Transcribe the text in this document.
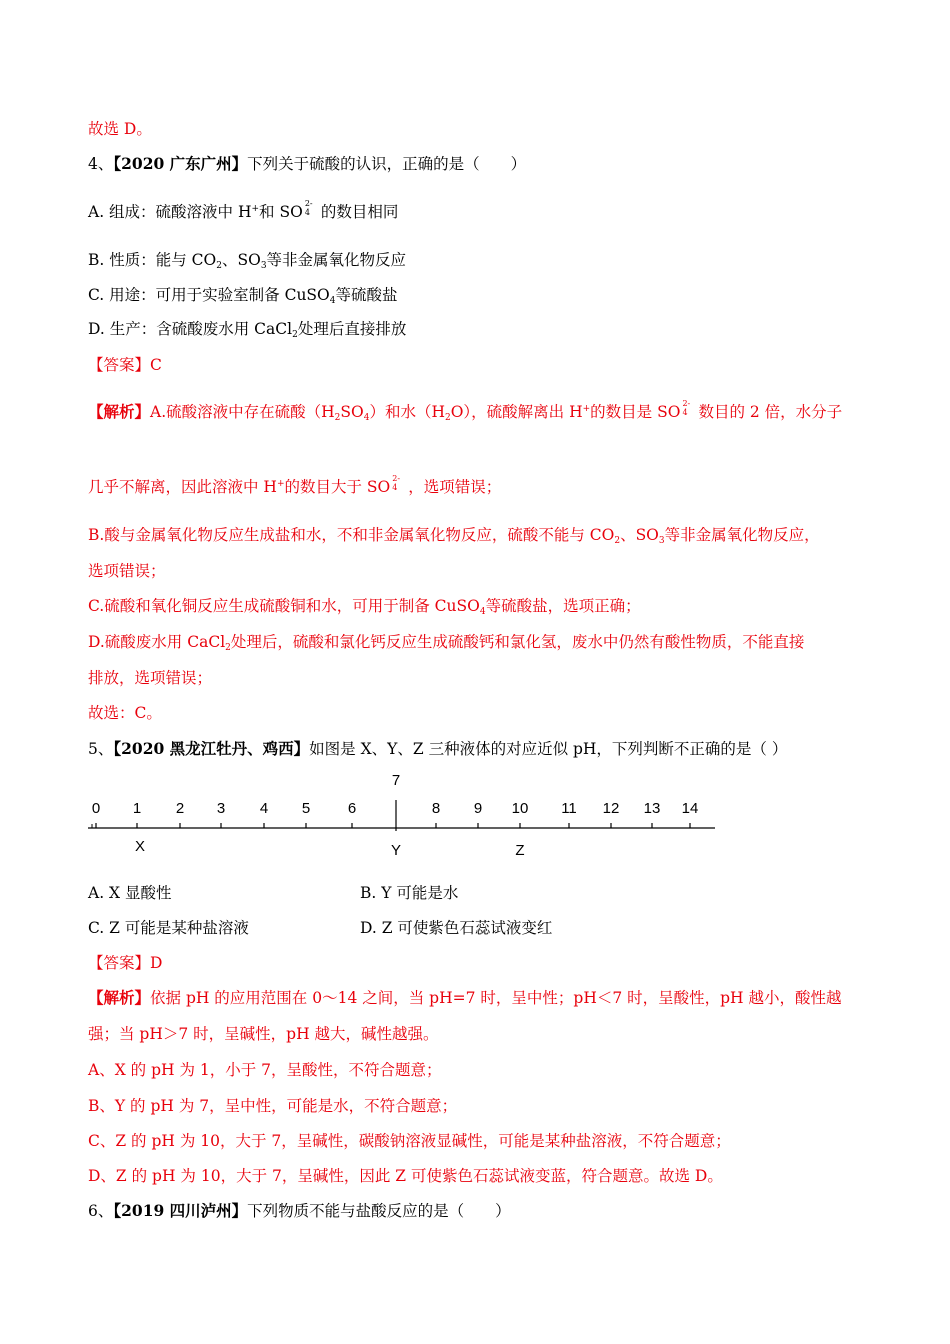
故选 D。
4、【2020 广东广州】下列关于硫酸的认识，正确的是（　　）
A. 组成：硫酸溶液中 H+和 SO 2-
4 的数目相同
B. 性质：能与 CO2、SO3等非金属氧化物反应
C. 用途：可用于实验室制备 CuSO4等硫酸盐
D. 生产：含硫酸废水用 CaCl2处理后直接排放
【答案】C
【解析】A.硫酸溶液中存在硫酸（H2SO4）和水（H2O），硫酸解离出 H+的数目是 SO 2-
4 数目的 2 倍，水分子
几乎不解离，因此溶液中 H+的数目大于 SO 2-
4 ，选项错误；
B.酸与金属氧化物反应生成盐和水，不和非金属氧化物反应，硫酸不能与 CO2、SO3等非金属氧化物反应，
选项错误；
C.硫酸和氧化铜反应生成硫酸铜和水，可用于制备 CuSO4等硫酸盐，选项正确；
D.硫酸废水用 CaCl2处理后，硫酸和氯化钙反应生成硫酸钙和氯化氢，废水中仍然有酸性物质，不能直接
排放，选项错误；
故选：C。
5、【2020 黑龙江牡丹、鸡西】如图是 X、Y、Z 三种液体的对应近似 pH，下列判断不正确的是（ ）
0 1 2 3 4 5	6
7
8 9 10 11 12 13 14
X	Y	Z
A. X 显酸性	B. Y 可能是水
C. Z 可能是某种盐溶液	D. Z 可使紫色石蕊试液变红
【答案】D
【解析】依据 pH 的应用范围在 0～14 之间，当 pH=7 时，呈中性；pH＜7 时，呈酸性，pH 越小，酸性越
强；当 pH＞7 时，呈碱性，pH 越大，碱性越强。
A、X 的 pH 为 1，小于 7，呈酸性，不符合题意；
B、Y 的 pH 为 7，呈中性，可能是水，不符合题意；
C、Z 的 pH 为 10，大于 7，呈碱性，碳酸钠溶液显碱性，可能是某种盐溶液，不符合题意；
D、Z 的 pH 为 10，大于 7，呈碱性，因此 Z 可使紫色石蕊试液变蓝，符合题意。故选 D。
6、【2019 四川泸州】下列物质不能与盐酸反应的是（　　）
